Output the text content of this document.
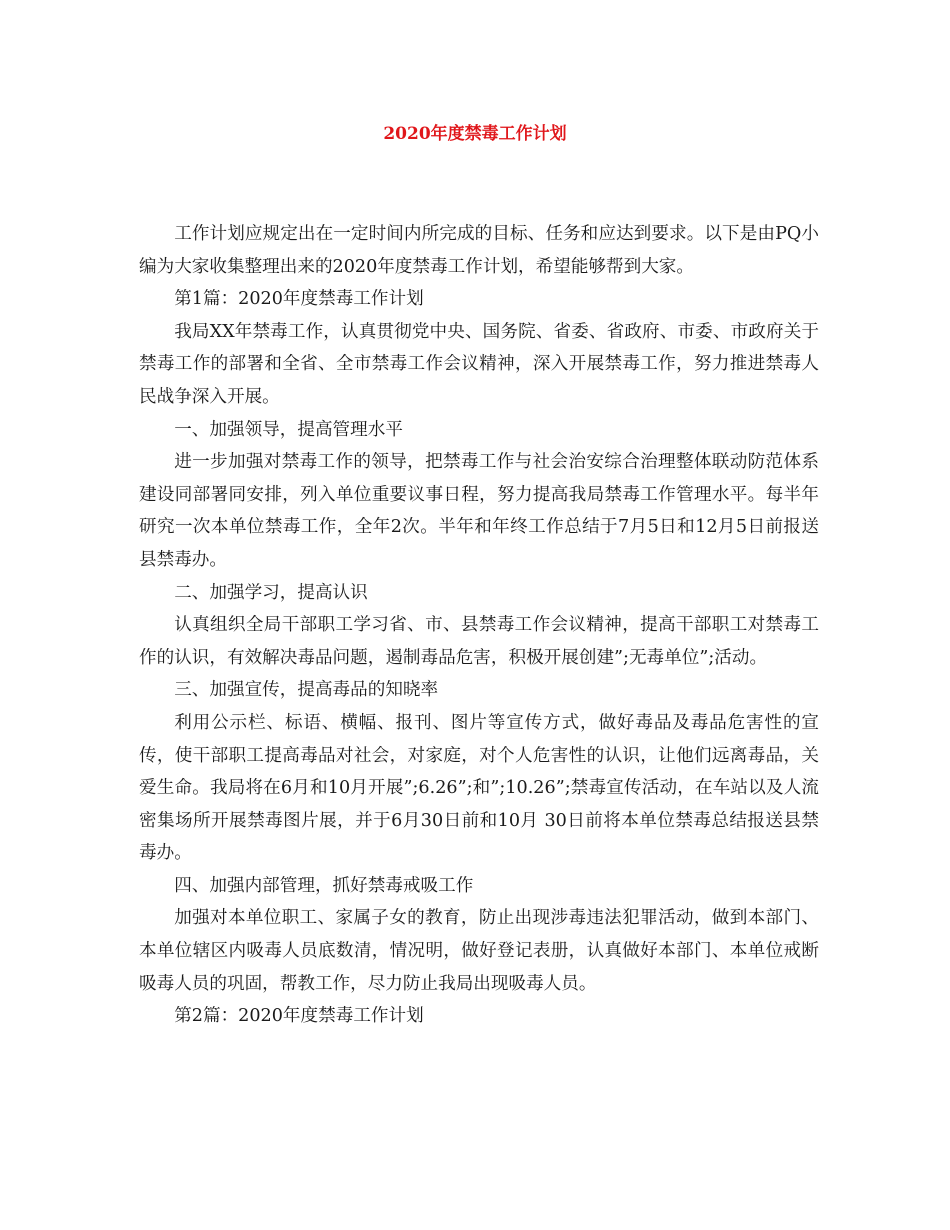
2020年度禁毒工作计划

工作计划应规定出在一定时间内所完成的目标、任务和应达到要求。以下是由PQ小编为大家收集整理出来的2020年度禁毒工作计划，希望能够帮到大家。

第1篇：2020年度禁毒工作计划

我局XX年禁毒工作，认真贯彻党中央、国务院、省委、省政府、市委、市政府关于禁毒工作的部署和全省、全市禁毒工作会议精神，深入开展禁毒工作，努力推进禁毒人民战争深入开展。

一、加强领导，提高管理水平

进一步加强对禁毒工作的领导，把禁毒工作与社会治安综合治理整体联动防范体系建设同部署同安排，列入单位重要议事日程，努力提高我局禁毒工作管理水平。每半年研究一次本单位禁毒工作，全年2次。半年和年终工作总结于7月5日和12月5日前报送县禁毒办。

二、加强学习，提高认识

认真组织全局干部职工学习省、市、县禁毒工作会议精神，提高干部职工对禁毒工作的认识，有效解决毒品问题，遏制毒品危害，积极开展创建”;无毒单位”;活动。

三、加强宣传，提高毒品的知晓率

利用公示栏、标语、横幅、报刊、图片等宣传方式，做好毒品及毒品危害性的宣传，使干部职工提高毒品对社会，对家庭，对个人危害性的认识，让他们远离毒品，关爱生命。我局将在6月和10月开展”;6.26”;和”;10.26”;禁毒宣传活动，在车站以及人流密集场所开展禁毒图片展，并于6月30日前和10月 30日前将本单位禁毒总结报送县禁毒办。

四、加强内部管理，抓好禁毒戒吸工作

加强对本单位职工、家属子女的教育，防止出现涉毒违法犯罪活动，做到本部门、本单位辖区内吸毒人员底数清，情况明，做好登记表册，认真做好本部门、本单位戒断吸毒人员的巩固，帮教工作，尽力防止我局出现吸毒人员。

第2篇：2020年度禁毒工作计划
